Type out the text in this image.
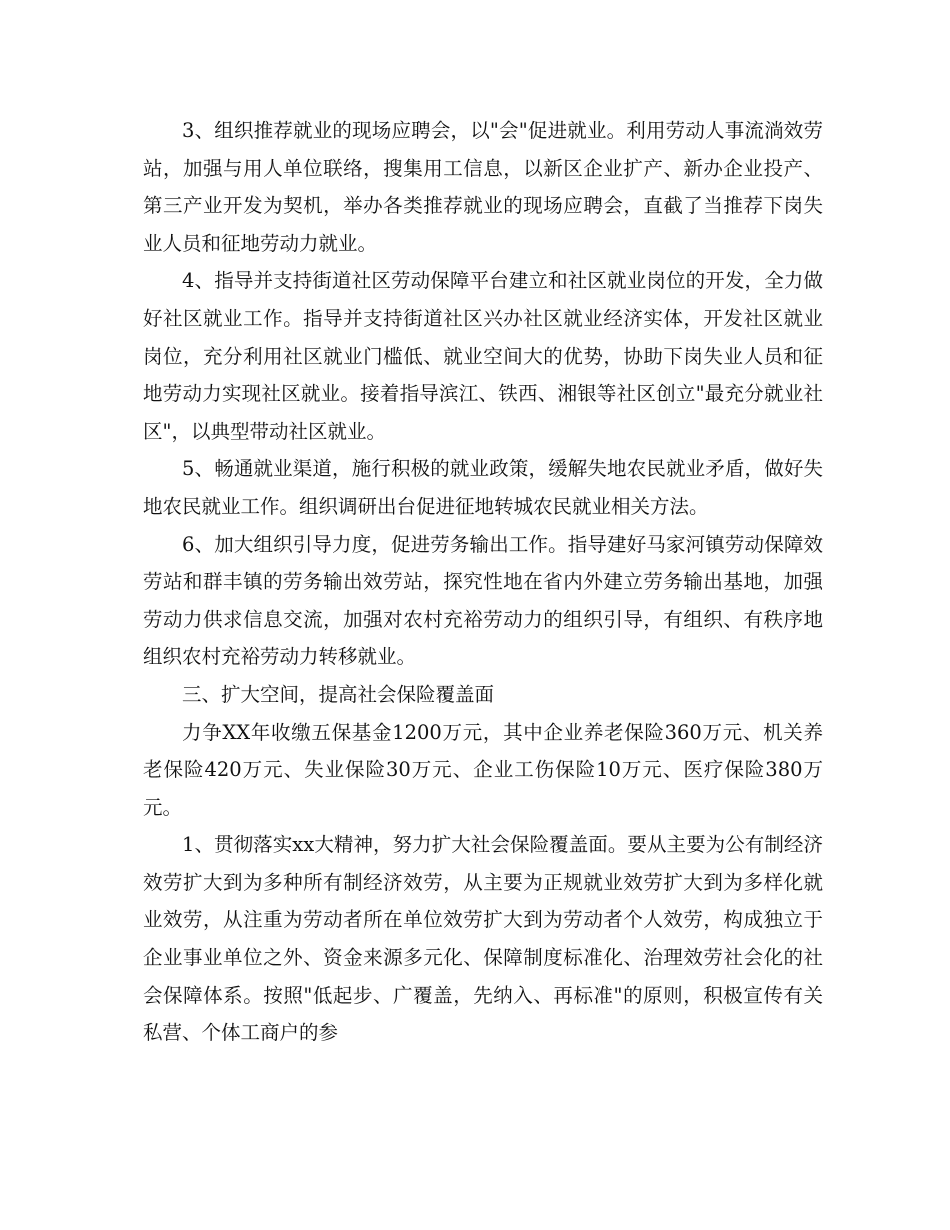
3、组织推荐就业的现场应聘会，以"会"促进就业。利用劳动人事流淌效劳站，加强与用人单位联络，搜集用工信息，以新区企业扩产、新办企业投产、第三产业开发为契机，举办各类推荐就业的现场应聘会，直截了当推荐下岗失业人员和征地劳动力就业。

4、指导并支持街道社区劳动保障平台建立和社区就业岗位的开发，全力做好社区就业工作。指导并支持街道社区兴办社区就业经济实体，开发社区就业岗位，充分利用社区就业门槛低、就业空间大的优势，协助下岗失业人员和征地劳动力实现社区就业。接着指导滨江、铁西、湘银等社区创立"最充分就业社区"，以典型带动社区就业。

5、畅通就业渠道，施行积极的就业政策，缓解失地农民就业矛盾，做好失地农民就业工作。组织调研出台促进征地转城农民就业相关方法。

6、加大组织引导力度，促进劳务输出工作。指导建好马家河镇劳动保障效劳站和群丰镇的劳务输出效劳站，探究性地在省内外建立劳务输出基地，加强劳动力供求信息交流，加强对农村充裕劳动力的组织引导，有组织、有秩序地组织农村充裕劳动力转移就业。

三、扩大空间，提高社会保险覆盖面

力争XX年收缴五保基金1200万元，其中企业养老保险360万元、机关养老保险420万元、失业保险30万元、企业工伤保险10万元、医疗保险380万元。

1、贯彻落实xx大精神，努力扩大社会保险覆盖面。要从主要为公有制经济效劳扩大到为多种所有制经济效劳，从主要为正规就业效劳扩大到为多样化就业效劳，从注重为劳动者所在单位效劳扩大到为劳动者个人效劳，构成独立于企业事业单位之外、资金来源多元化、保障制度标准化、治理效劳社会化的社会保障体系。按照"低起步、广覆盖，先纳入、再标准"的原则，积极宣传有关私营、个体工商户的参
